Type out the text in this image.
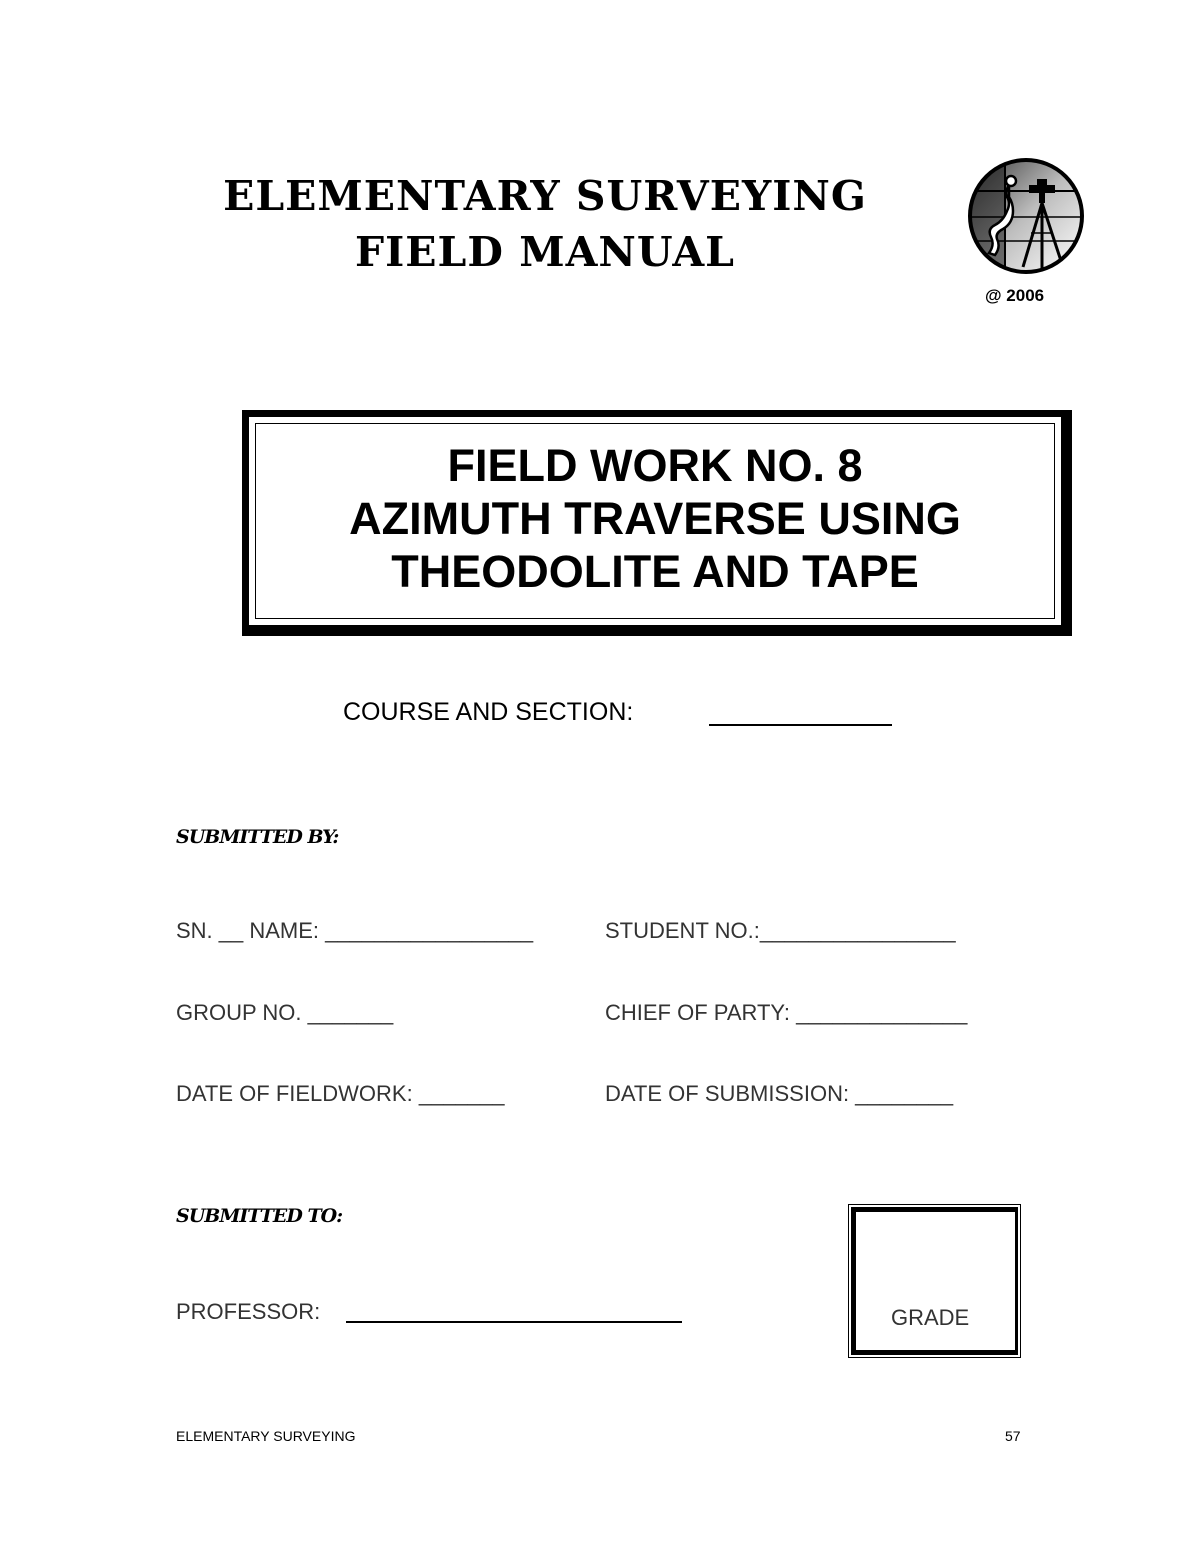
ELEMENTARY SURVEYING
FIELD MANUAL
@ 2006
FIELD WORK NO. 8
AZIMUTH TRAVERSE USING
THEODOLITE AND TAPE
COURSE AND SECTION:
SUBMITTED BY:
SN. __ NAME: _________________	STUDENT NO.:________________
GROUP NO. _______	CHIEF OF PARTY: ______________
DATE OF FIELDWORK: _______	DATE OF SUBMISSION: ________
SUBMITTED TO:
PROFESSOR:	GRADE
ELEMENTARY SURVEYING	57
